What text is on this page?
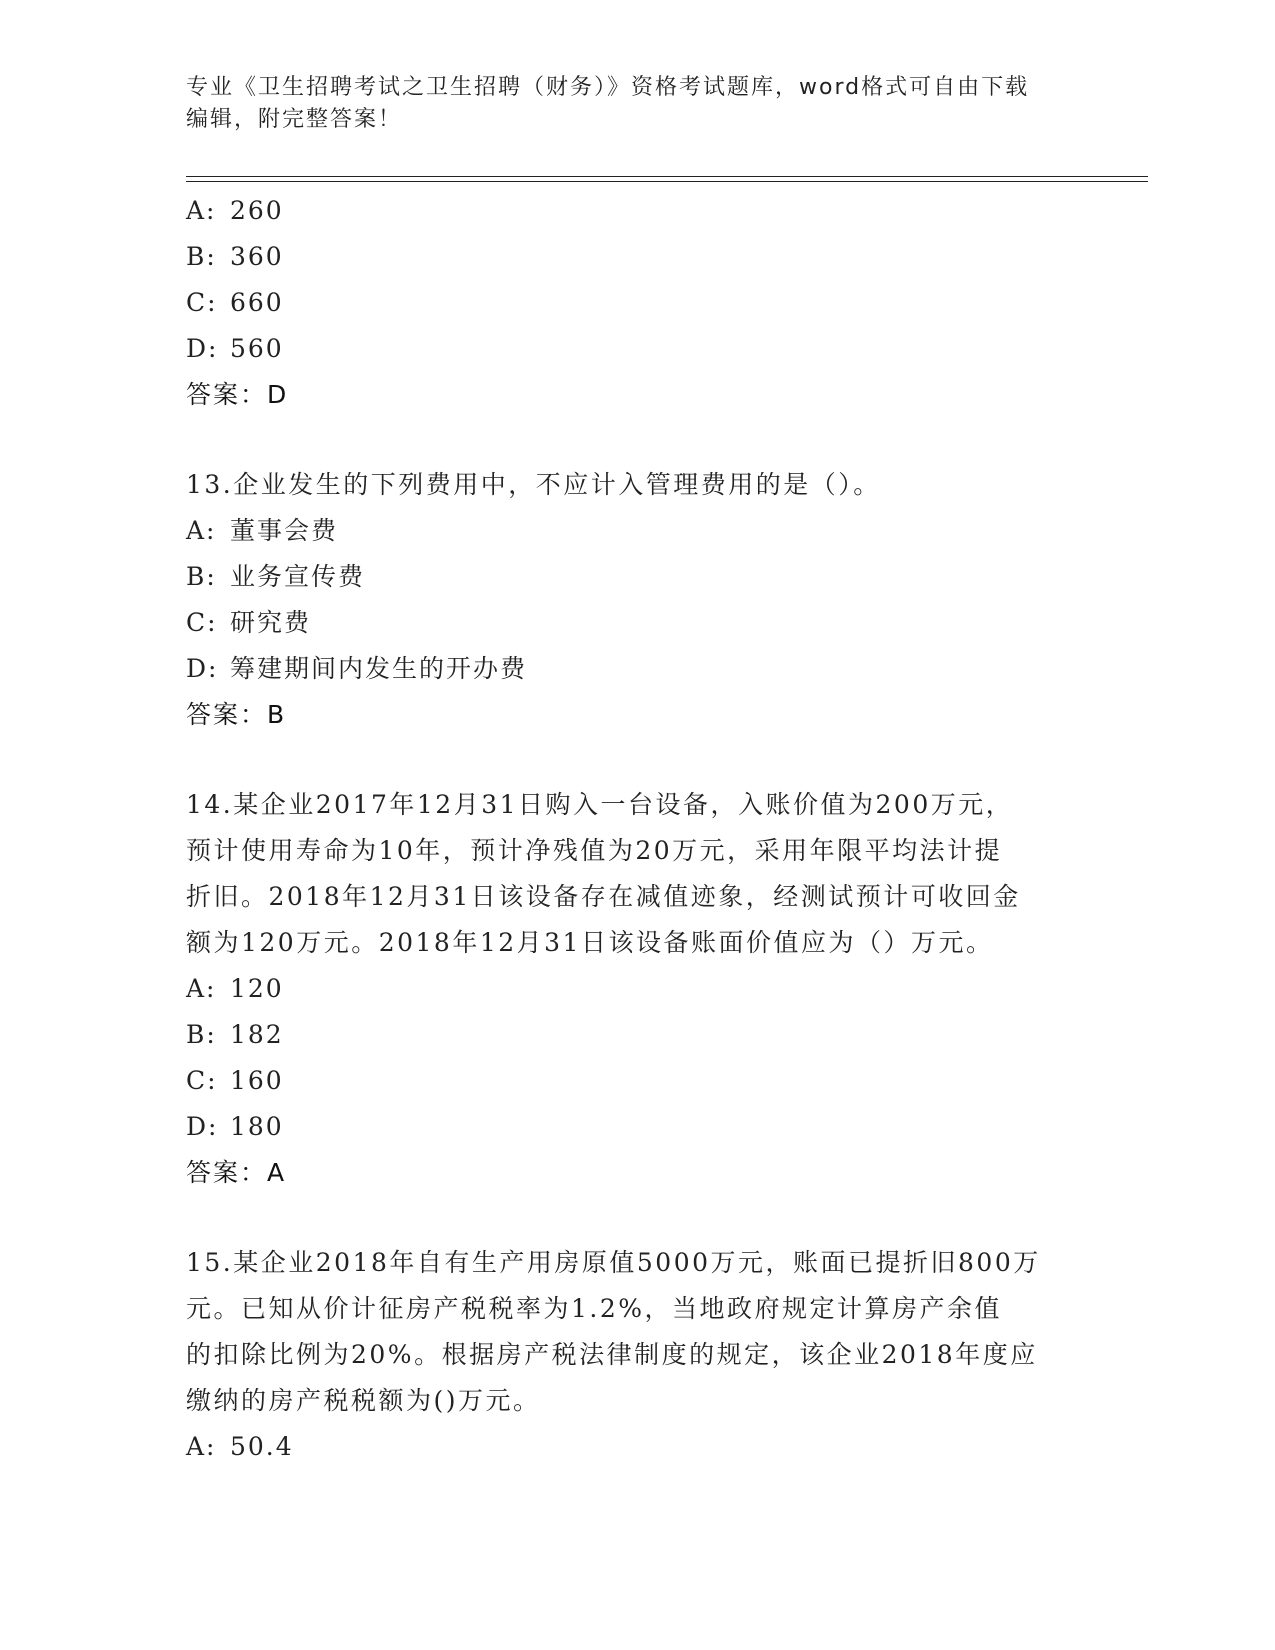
专业《卫生招聘考试之卫生招聘（财务）》资格考试题库，word格式可自由下载
编辑，附完整答案！
A: 260
B: 360
C: 660
D: 560
答案：D
13.企业发生的下列费用中，不应计入管理费用的是（）。
A: 董事会费
B: 业务宣传费
C: 研究费
D: 筹建期间内发生的开办费
答案：B
14.某企业2017年12月31日购入一台设备，入账价值为200万元，
预计使用寿命为10年，预计净残值为20万元，采用年限平均法计提
折旧。2018年12月31日该设备存在减值迹象，经测试预计可收回金
额为120万元。2018年12月31日该设备账面价值应为（）万元。
A: 120
B: 182
C: 160
D: 180
答案：A
15.某企业2018年自有生产用房原值5000万元，账面已提折旧800万
元。已知从价计征房产税税率为1.2%，当地政府规定计算房产余值
的扣除比例为20%。根据房产税法律制度的规定，该企业2018年度应
缴纳的房产税税额为()万元。
A: 50.4
